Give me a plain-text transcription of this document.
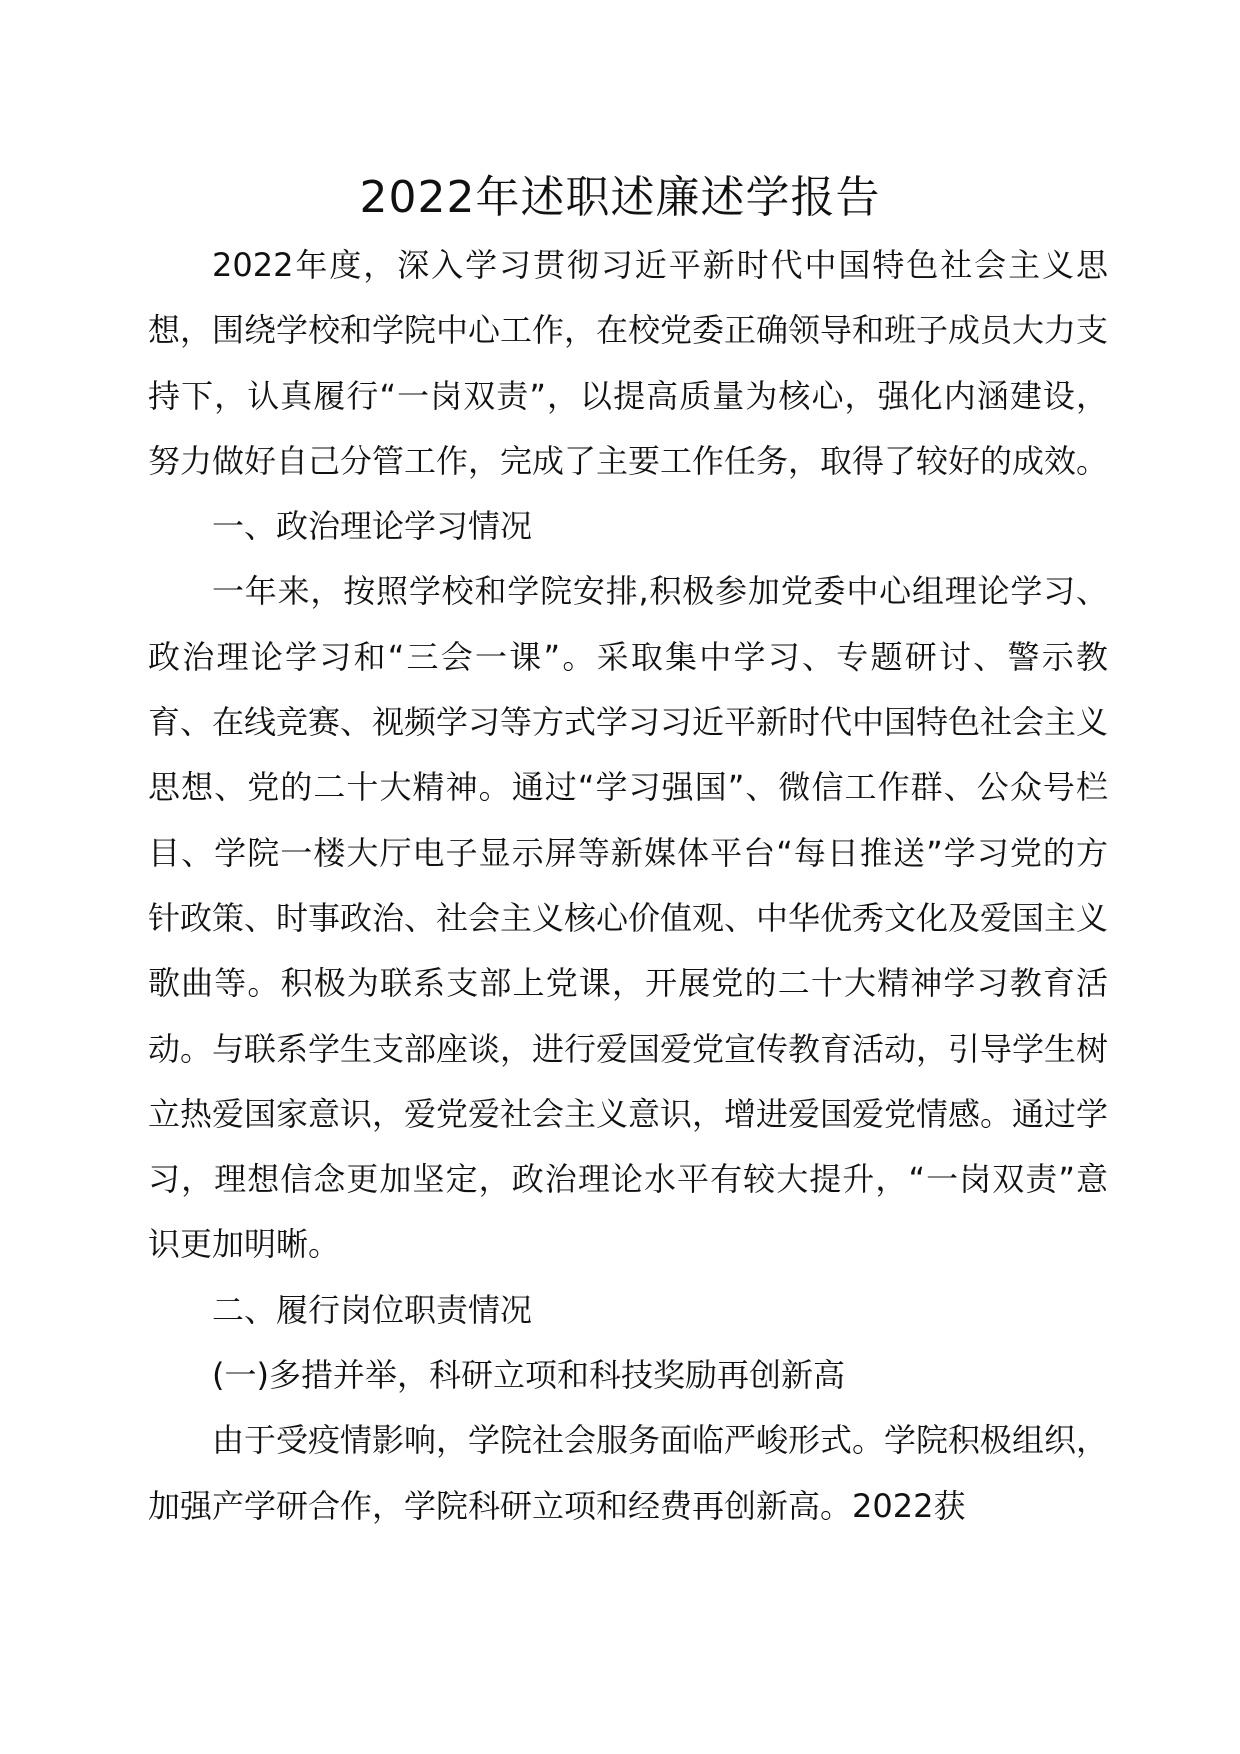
2022年述职述廉述学报告

2022年度，深入学习贯彻习近平新时代中国特色社会主义思想，围绕学校和学院中心工作，在校党委正确领导和班子成员大力支持下，认真履行“一岗双责”，以提高质量为核心，强化内涵建设，努力做好自己分管工作，完成了主要工作任务，取得了较好的成效。

一、政治理论学习情况

一年来，按照学校和学院安排,积极参加党委中心组理论学习、政治理论学习和“三会一课”。采取集中学习、专题研讨、警示教育、在线竞赛、视频学习等方式学习习近平新时代中国特色社会主义思想、党的二十大精神。通过“学习强国”、微信工作群、公众号栏目、学院一楼大厅电子显示屏等新媒体平台“每日推送”学习党的方针政策、时事政治、社会主义核心价值观、中华优秀文化及爱国主义歌曲等。积极为联系支部上党课，开展党的二十大精神学习教育活动。与联系学生支部座谈，进行爱国爱党宣传教育活动，引导学生树立热爱国家意识，爱党爱社会主义意识，增进爱国爱党情感。通过学习，理想信念更加坚定，政治理论水平有较大提升，“一岗双责”意识更加明晰。

二、履行岗位职责情况

(一)多措并举，科研立项和科技奖励再创新高

由于受疫情影响，学院社会服务面临严峻形式。学院积极组织，加强产学研合作，学院科研立项和经费再创新高。2022获
